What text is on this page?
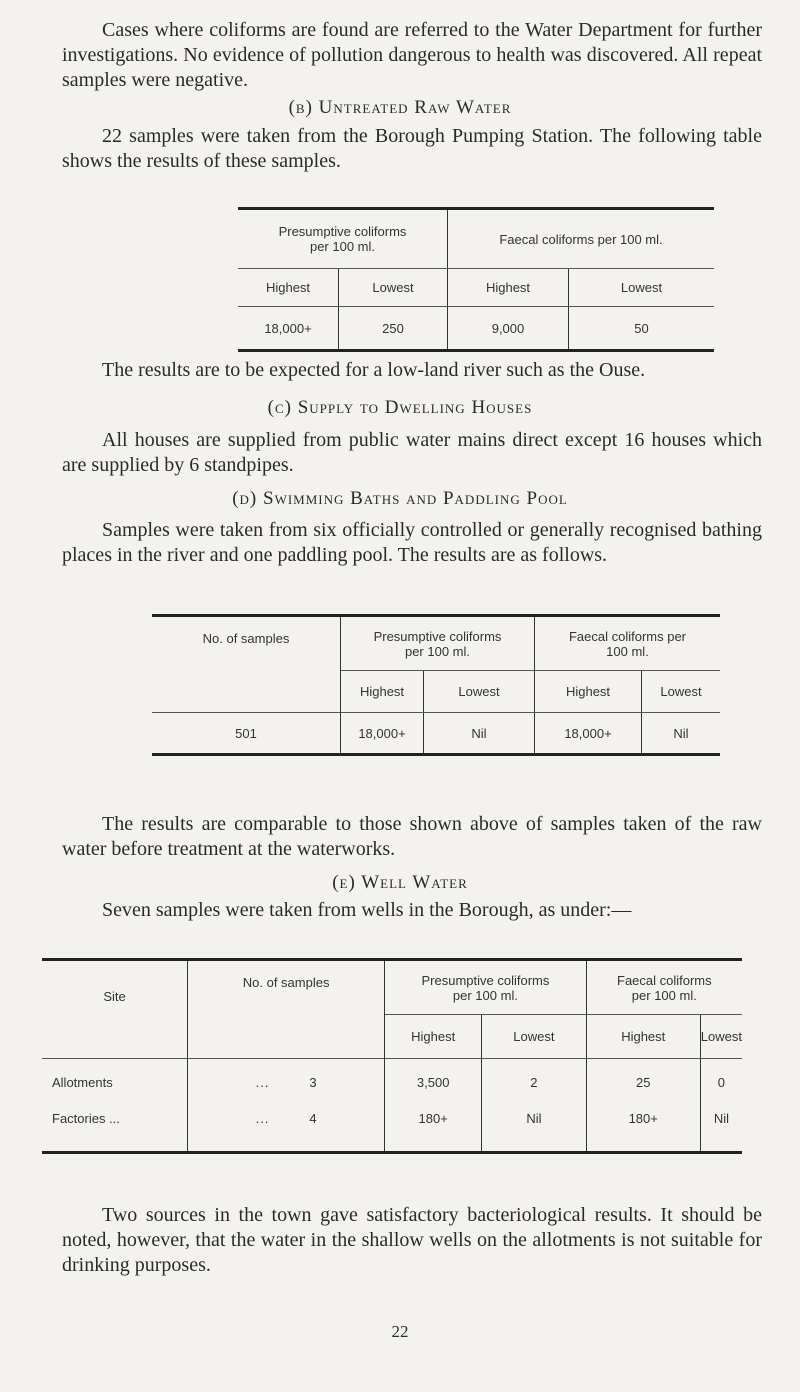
Cases where coliforms are found are referred to the Water Department for further investigations. No evidence of pollution dangerous to health was discovered. All repeat samples were negative.

(b) Untreated Raw Water

22 samples were taken from the Borough Pumping Station. The following table shows the results of these samples.

Presumptive coliforms per 100 ml.		Faecal coliforms per 100 ml.	
Highest	Lowest	Highest	Lowest
18,000+	250	9,000	50

The results are to be expected for a low-land river such as the Ouse.

(c) Supply to Dwelling Houses

All houses are supplied from public water mains direct except 16 houses which are supplied by 6 standpipes.

(d) Swimming Baths and Paddling Pool

Samples were taken from six officially controlled or generally recognised bathing places in the river and one paddling pool. The results are as follows.

No. of samples	Presumptive coliforms per 100 ml.		Faecal coliforms per 100 ml.	
	Highest	Lowest	Highest	Lowest
501	18,000+	Nil	18,000+	Nil

The results are comparable to those shown above of samples taken of the raw water before treatment at the waterworks.

(e) Well Water

Seven samples were taken from wells in the Borough, as under:—

Site	No. of samples	Presumptive coliforms per 100 ml.		Faecal coliforms per 100 ml.	
		Highest	Lowest	Highest	Lowest
Allotments	... 3	3,500	2	25	0
Factories ...	... 4	180+	Nil	180+	Nil

Two sources in the town gave satisfactory bacteriological results. It should be noted, however, that the water in the shallow wells on the allotments is not suitable for drinking purposes.

22
